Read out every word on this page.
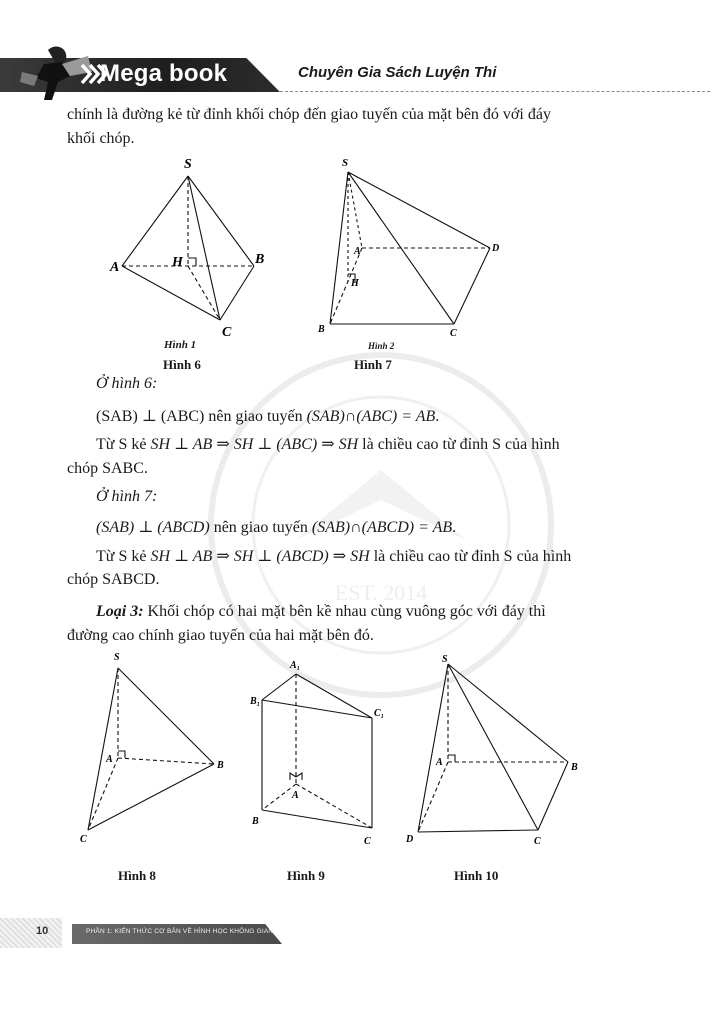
EST. 2014
Mega book	Chuyên Gia Sách Luyện Thi
chính là đường kẻ từ đỉnh khối chóp đến giao tuyến của mặt bên đó với đáy
khối chóp.
S
A	H	B
C
Hình 1
Hình 6
S
A
H
D
B	C
Hình 2
Hình 7
Ở hình 6:
(SAB) ⊥ (ABC) nên giao tuyến (SAB)∩(ABC) = AB.
Từ S kẻ SH ⊥ AB ⇒ SH ⊥ (ABC) ⇒ SH là chiều cao từ đỉnh S của hình
chóp SABC.
Ở hình 7:
(SAB) ⊥ (ABCD) nên giao tuyến (SAB)∩(ABCD) = AB.
Từ S kẻ SH ⊥ AB ⇒ SH ⊥ (ABCD) ⇒ SH là chiều cao từ đỉnh S của hình
chóp SABCD.
Loại 3: Khối chóp có hai mặt bên kề nhau cùng vuông góc với đáy thì
đường cao chính giao tuyến của hai mặt bên đó.
S
A
B
C
Hình 8
A₁
B₁
C₁
A
B
C
Hình 9
S
A	B
D	C
Hình 10
10	PHẦN 1: KIẾN THỨC CƠ BẢN VỀ HÌNH HỌC KHÔNG GIAN
